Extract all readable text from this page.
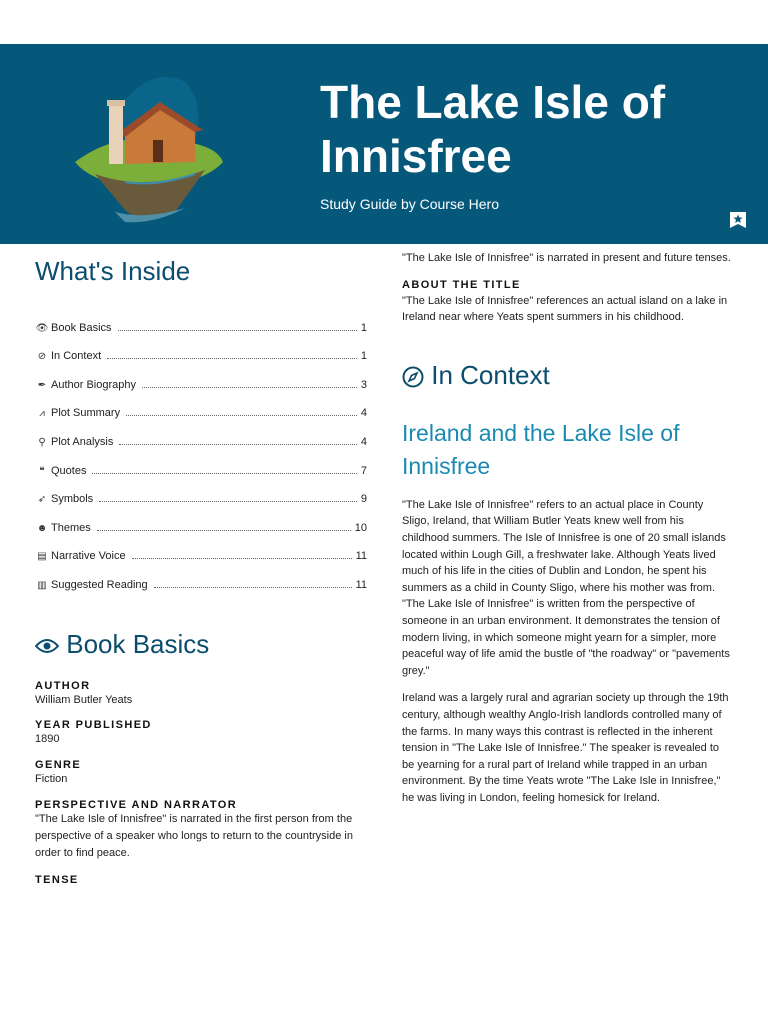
The Lake Isle of Innisfree
Study Guide by Course Hero
What's Inside
👁 Book Basics	1
⊘ In Context	1
✒ Author Biography	3
⩘ Plot Summary	4
⚲ Plot Analysis	4
❝ Quotes	7
➶ Symbols	9
☻ Themes	10
▤ Narrative Voice	11
▥ Suggested Reading	11
Book Basics

AUTHOR

William Butler Yeats

YEAR PUBLISHED

1890

GENRE

Fiction

PERSPECTIVE AND NARRATOR

"The Lake Isle of Innisfree" is narrated in the first person from the perspective of a speaker who longs to return to the countryside in order to find peace.

TENSE

"The Lake Isle of Innisfree" is narrated in present and future tenses.

ABOUT THE TITLE

"The Lake Isle of Innisfree" references an actual island on a lake in Ireland near where Yeats spent summers in his childhood.

In Context
Ireland and the Lake Isle of Innisfree

"The Lake Isle of Innisfree" refers to an actual place in County Sligo, Ireland, that William Butler Yeats knew well from his childhood summers. The Isle of Innisfree is one of 20 small islands located within Lough Gill, a freshwater lake. Although Yeats lived much of his life in the cities of Dublin and London, he spent his summers as a child in County Sligo, where his mother was from. "The Lake Isle of Innisfree" is written from the perspective of someone in an urban environment. It demonstrates the tension of modern living, in which someone might yearn for a simpler, more peaceful way of life amid the bustle of "the roadway" or "pavements grey."

Ireland was a largely rural and agrarian society up through the 19th century, although wealthy Anglo-Irish landlords controlled many of the farms. In many ways this contrast is reflected in the inherent tension in "The Lake Isle of Innisfree." The speaker is revealed to be yearning for a rural part of Ireland while trapped in an urban environment. By the time Yeats wrote "The Lake Isle in Innisfree," he was living in London, feeling homesick for Ireland.
